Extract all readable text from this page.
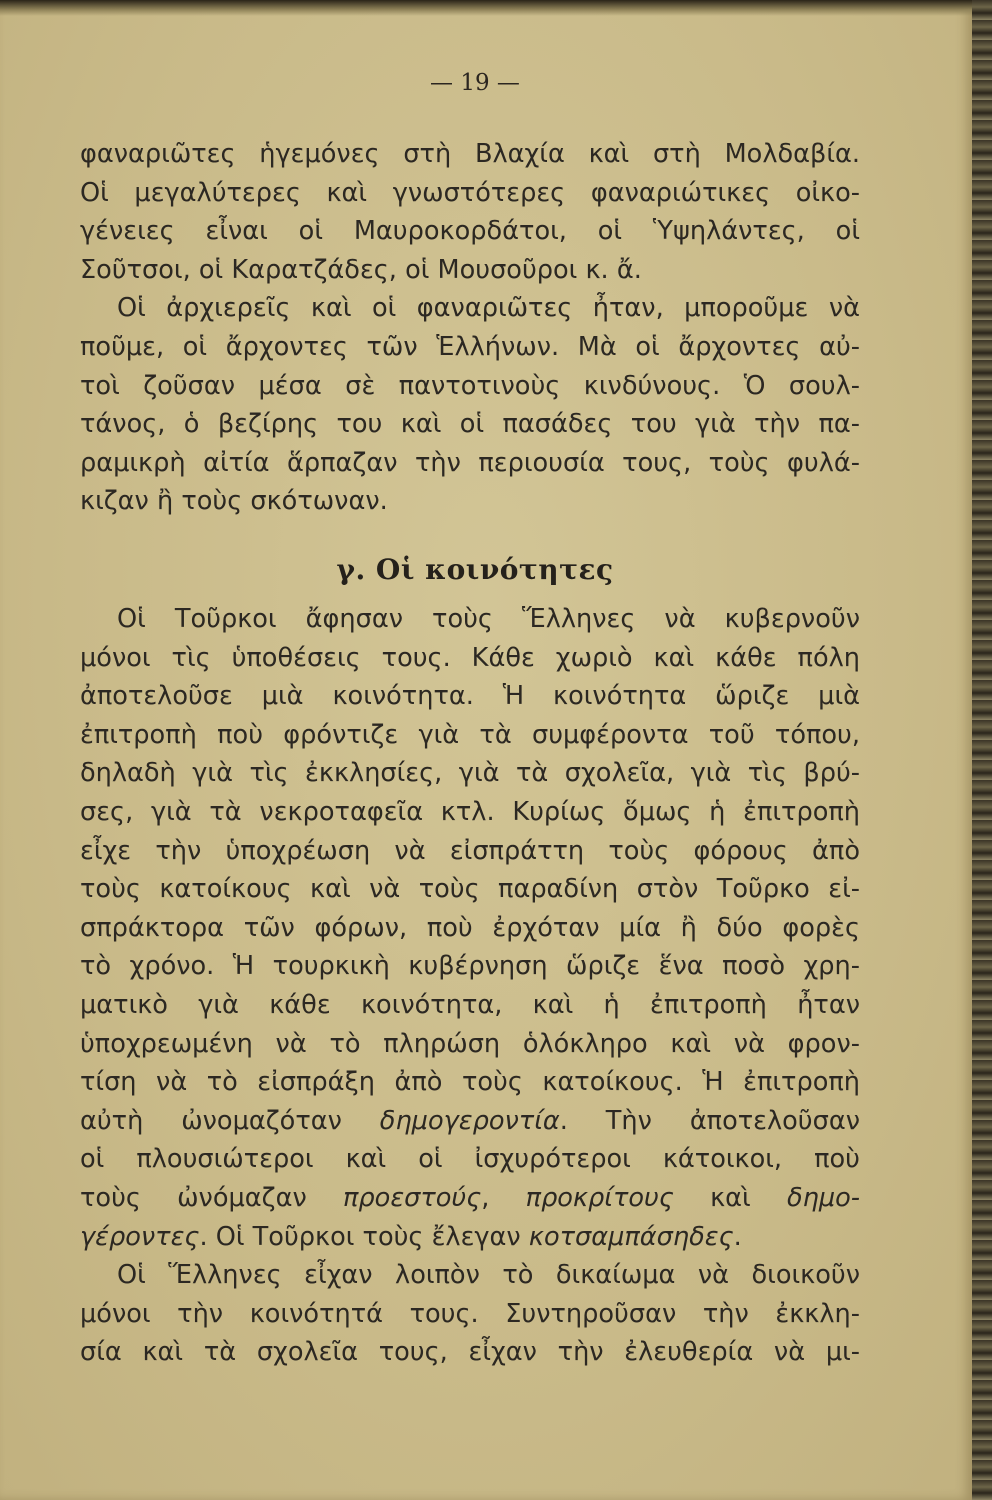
— 19 —
φαναριῶτες ἡγεμόνες στὴ Βλαχία καὶ στὴ Μολδαβία.
Οἱ μεγαλύτερες καὶ γνωστότερες φαναριώτικες οἰκο-
γένειες εἶναι οἱ Μαυροκορδάτοι, οἱ Ὑψηλάντες, οἱ
Σοῦτσοι, οἱ Καρατζάδες, οἱ Μουσοῦροι κ. ἄ.
Οἱ ἀρχιερεῖς καὶ οἱ φαναριῶτες ἦταν, μποροῦμε νὰ
ποῦμε, οἱ ἄρχοντες τῶν Ἑλλήνων. Μὰ οἱ ἄρχοντες αὐ-
τοὶ ζοῦσαν μέσα σὲ παντοτινοὺς κινδύνους. Ὁ σουλ-
τάνος, ὁ βεζίρης του καὶ οἱ πασάδες του γιὰ τὴν πα-
ραμικρὴ αἰτία ἅρπαζαν τὴν περιουσία τους, τοὺς φυλά-
κιζαν ἢ τοὺς σκότωναν.
γ. Οἱ κοινότητες
Οἱ Τοῦρκοι ἄφησαν τοὺς Ἕλληνες νὰ κυβερνοῦν
μόνοι τὶς ὑποθέσεις τους. Κάθε χωριὸ καὶ κάθε πόλη
ἀποτελοῦσε μιὰ κοινότητα. Ἡ κοινότητα ὥριζε μιὰ
ἐπιτροπὴ ποὺ φρόντιζε γιὰ τὰ συμφέροντα τοῦ τόπου,
δηλαδὴ γιὰ τὶς ἐκκλησίες, γιὰ τὰ σχολεῖα, γιὰ τὶς βρύ-
σες, γιὰ τὰ νεκροταφεῖα κτλ. Κυρίως ὅμως ἡ ἐπιτροπὴ
εἶχε τὴν ὑποχρέωση νὰ εἰσπράττη τοὺς φόρους ἀπὸ
τοὺς κατοίκους καὶ νὰ τοὺς παραδίνη στὸν Τοῦρκο εἰ-
σπράκτορα τῶν φόρων, ποὺ ἐρχόταν μία ἢ δύο φορὲς
τὸ χρόνο. Ἡ τουρκικὴ κυβέρνηση ὥριζε ἕνα ποσὸ χρη-
ματικὸ γιὰ κάθε κοινότητα, καὶ ἡ ἐπιτροπὴ ἦταν
ὑποχρεωμένη νὰ τὸ πληρώση ὁλόκληρο καὶ νὰ φρον-
τίση νὰ τὸ εἰσπράξη ἀπὸ τοὺς κατοίκους. Ἡ ἐπιτροπὴ
αὐτὴ ὠνομαζόταν δημογεροντία. Τὴν ἀποτελοῦσαν
οἱ πλουσιώτεροι καὶ οἱ ἰσχυρότεροι κάτοικοι, ποὺ
τοὺς ὠνόμαζαν προεστούς, προκρίτους καὶ δημο-
γέροντες. Οἱ Τοῦρκοι τοὺς ἔλεγαν κοτσαμπάσηδες.
Οἱ Ἕλληνες εἶχαν λοιπὸν τὸ δικαίωμα νὰ διοικοῦν
μόνοι τὴν κοινότητά τους. Συντηροῦσαν τὴν ἐκκλη-
σία καὶ τὰ σχολεῖα τους, εἶχαν τὴν ἐλευθερία νὰ μι-
